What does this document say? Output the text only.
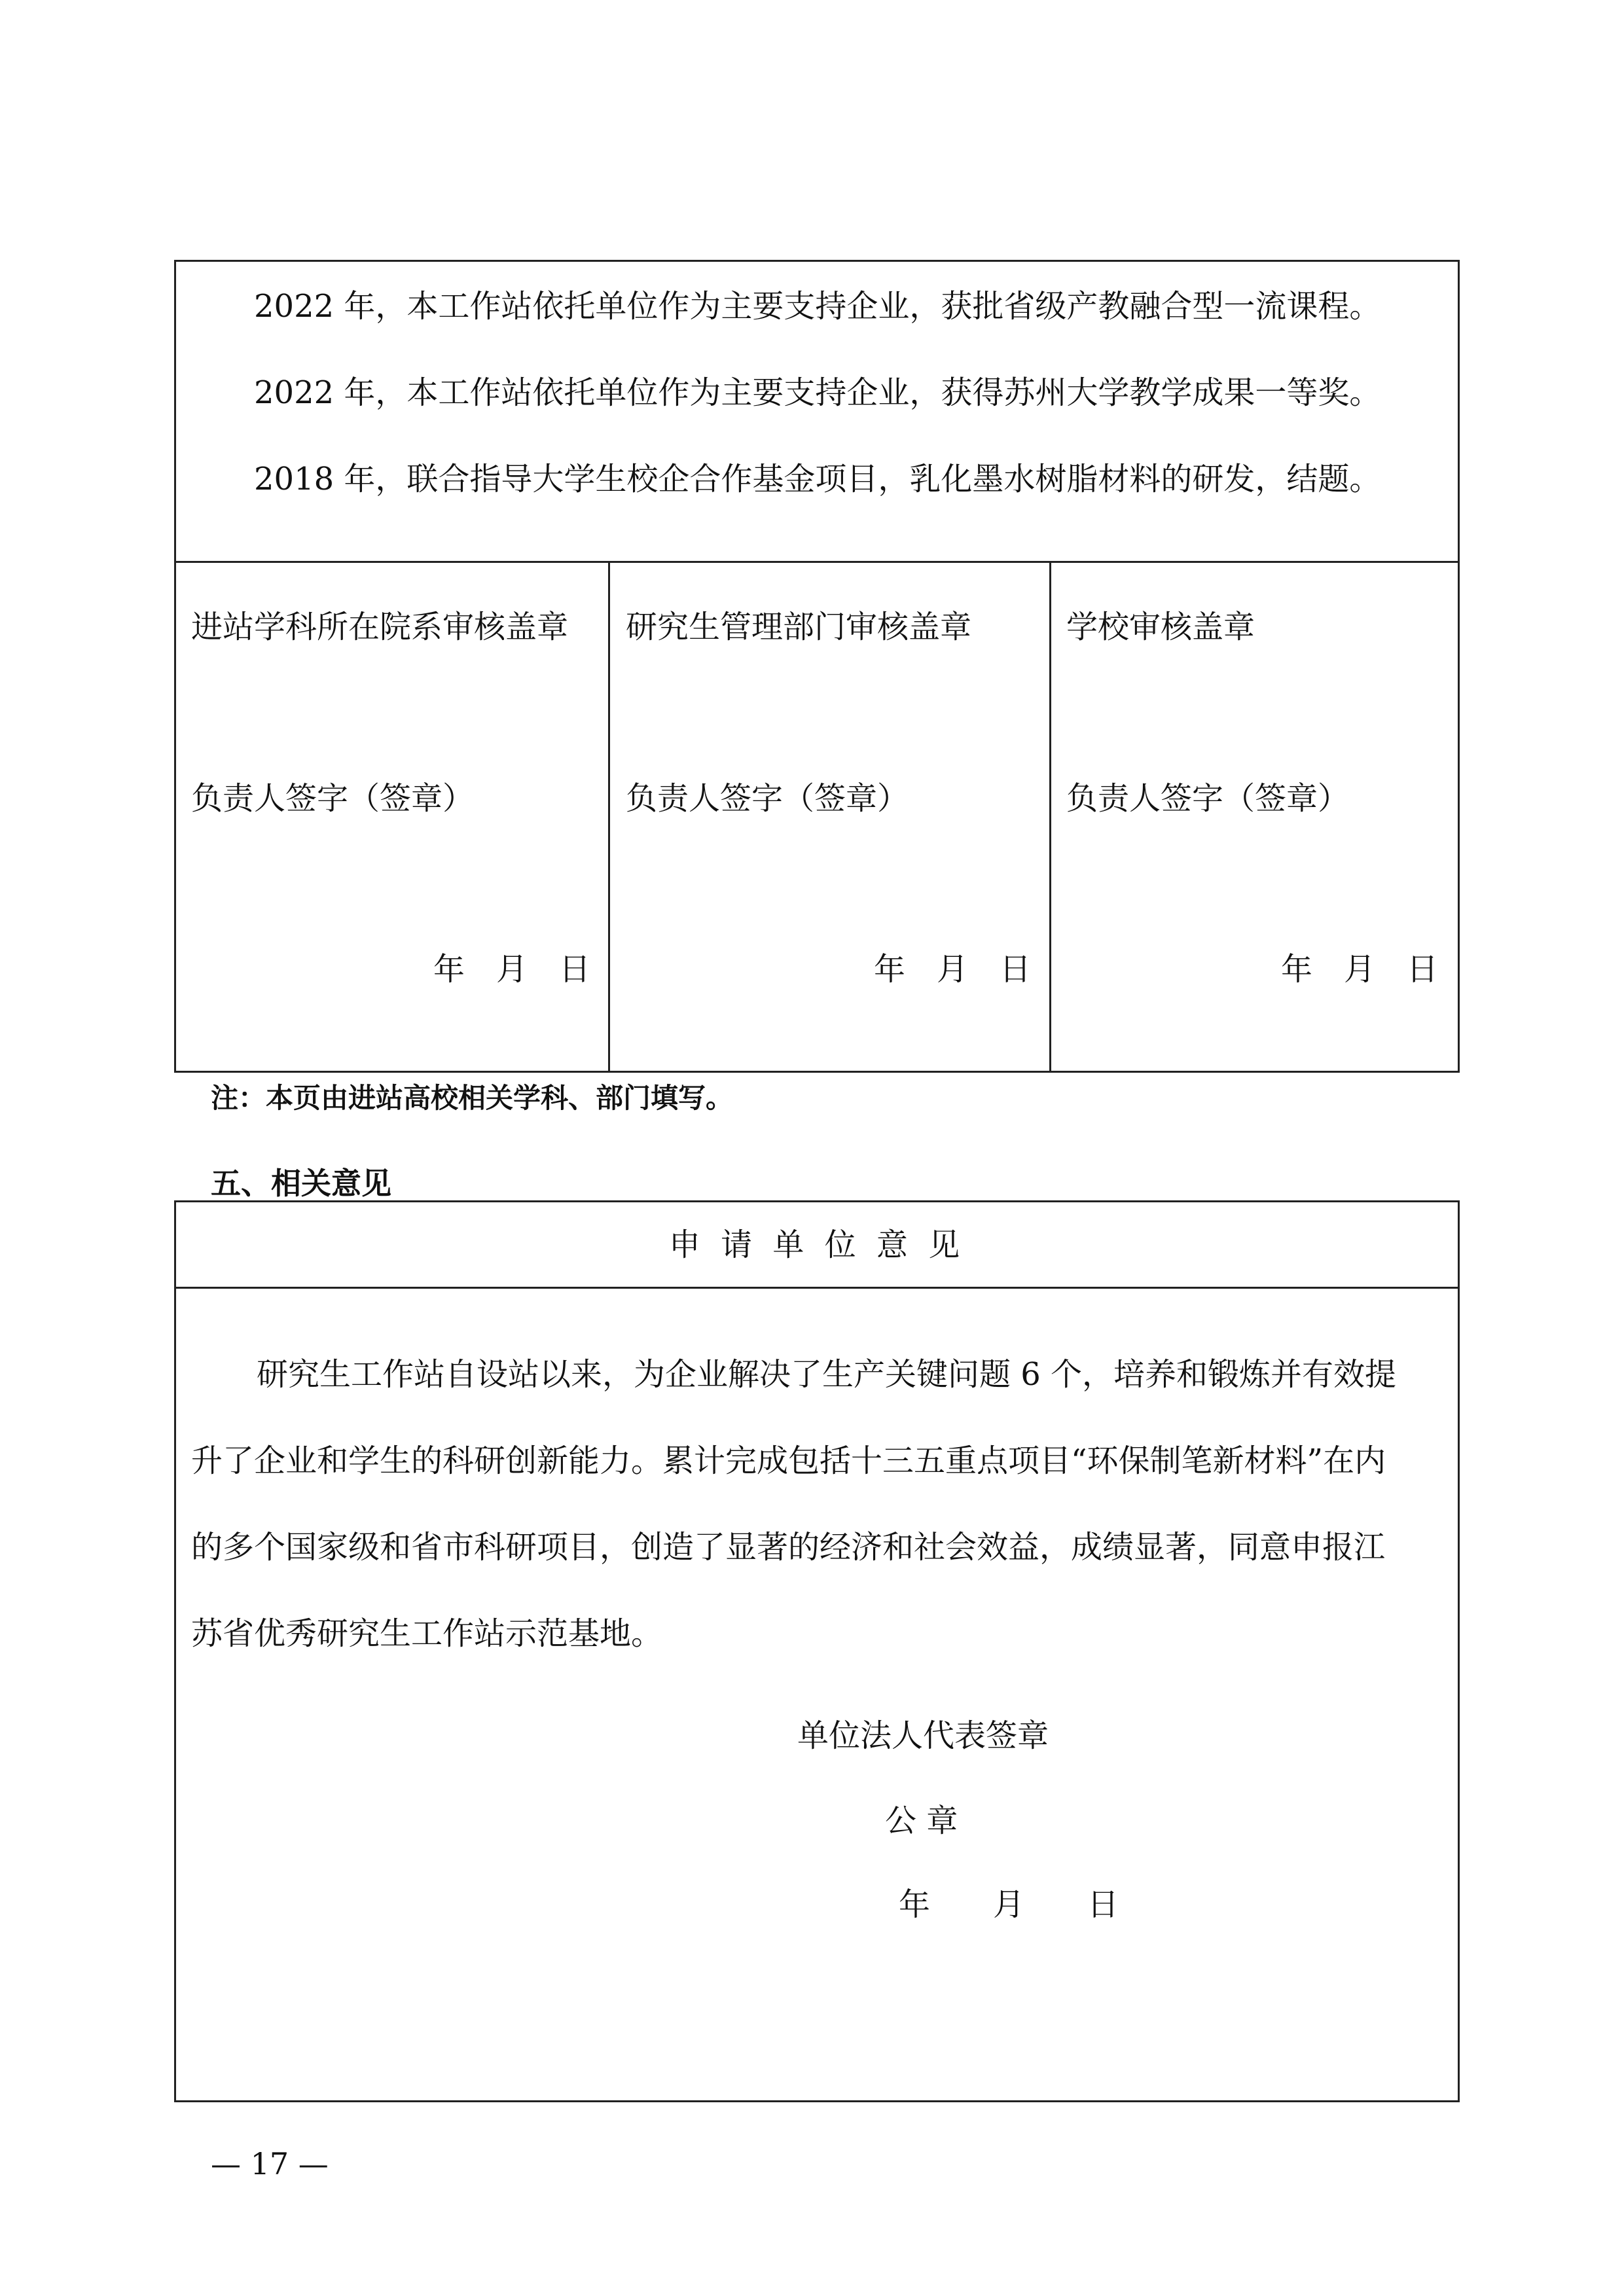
2022 年，本工作站依托单位作为主要支持企业，获批省级产教融合型一流课程。
2022 年，本工作站依托单位作为主要支持企业，获得苏州大学教学成果一等奖。
2018 年，联合指导大学生校企合作基金项目，乳化墨水树脂材料的研发，结题。
进站学科所在院系审核盖章
负责人签字（签章）
年　月　日
研究生管理部门审核盖章
负责人签字（签章）
年　月　日
学校审核盖章
负责人签字（签章）
年　月　日
注：本页由进站高校相关学科、部门填写。
五、相关意见
申 请 单 位 意 见
研究生工作站自设站以来，为企业解决了生产关键问题 6 个，培养和锻炼并有效提
升了企业和学生的科研创新能力。累计完成包括十三五重点项目“环保制笔新材料”在内
的多个国家级和省市科研项目，创造了显著的经济和社会效益，成绩显著，同意申报江
苏省优秀研究生工作站示范基地。
单位法人代表签章
公 章
年　　月　　日
— 17 —
